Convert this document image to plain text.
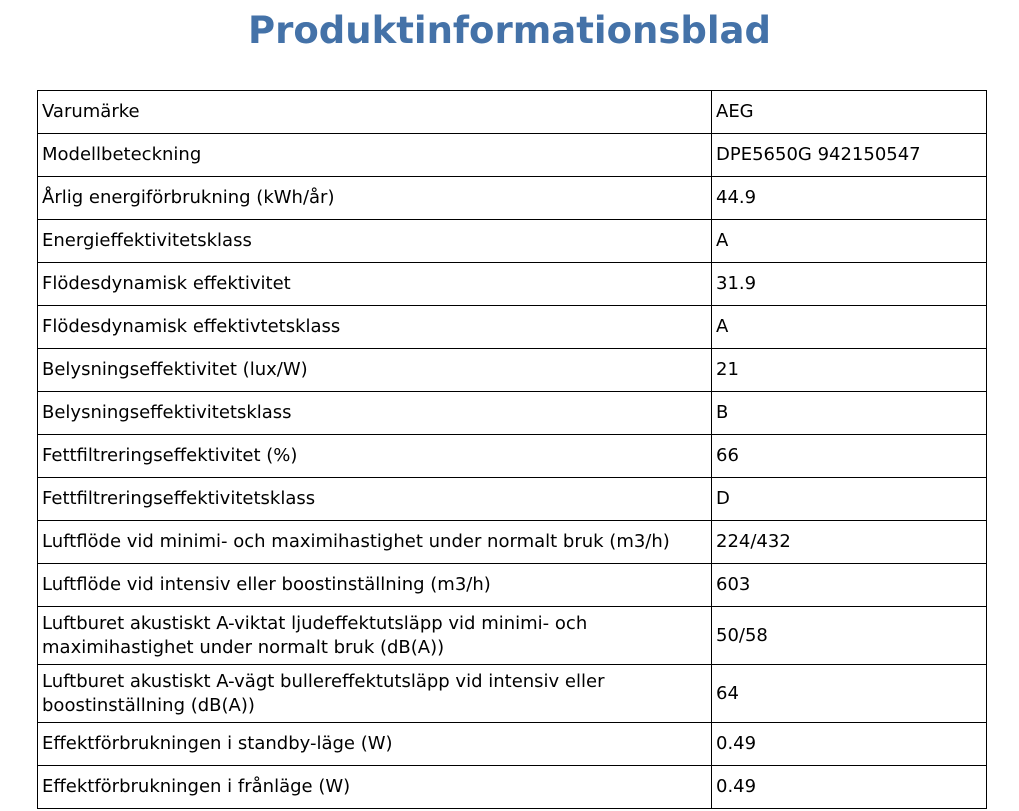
Produktinformationsblad
Varumärke	AEG
Modellbeteckning	DPE5650G 942150547
Årlig energiförbrukning (kWh/år)	44.9
Energieffektivitetsklass	A
Flödesdynamisk effektivitet	31.9
Flödesdynamisk effektivtetsklass	A
Belysningseffektivitet (lux/W)	21
Belysningseffektivitetsklass	B
Fettfiltreringseffektivitet (%)	66
Fettfiltreringseffektivitetsklass	D
Luftflöde vid minimi- och maximihastighet under normalt bruk (m3/h)	224/432
Luftflöde vid intensiv eller boostinställning (m3/h)	603
Luftburet akustiskt A-viktat ljudeffektutsläpp vid minimi- och maximihastighet under normalt bruk (dB(A))	50/58
Luftburet akustiskt A-vägt bullereffektutsläpp vid intensiv eller boostinställning (dB(A))	64
Effektförbrukningen i standby-läge (W)	0.49
Effektförbrukningen i frånläge (W)	0.49
